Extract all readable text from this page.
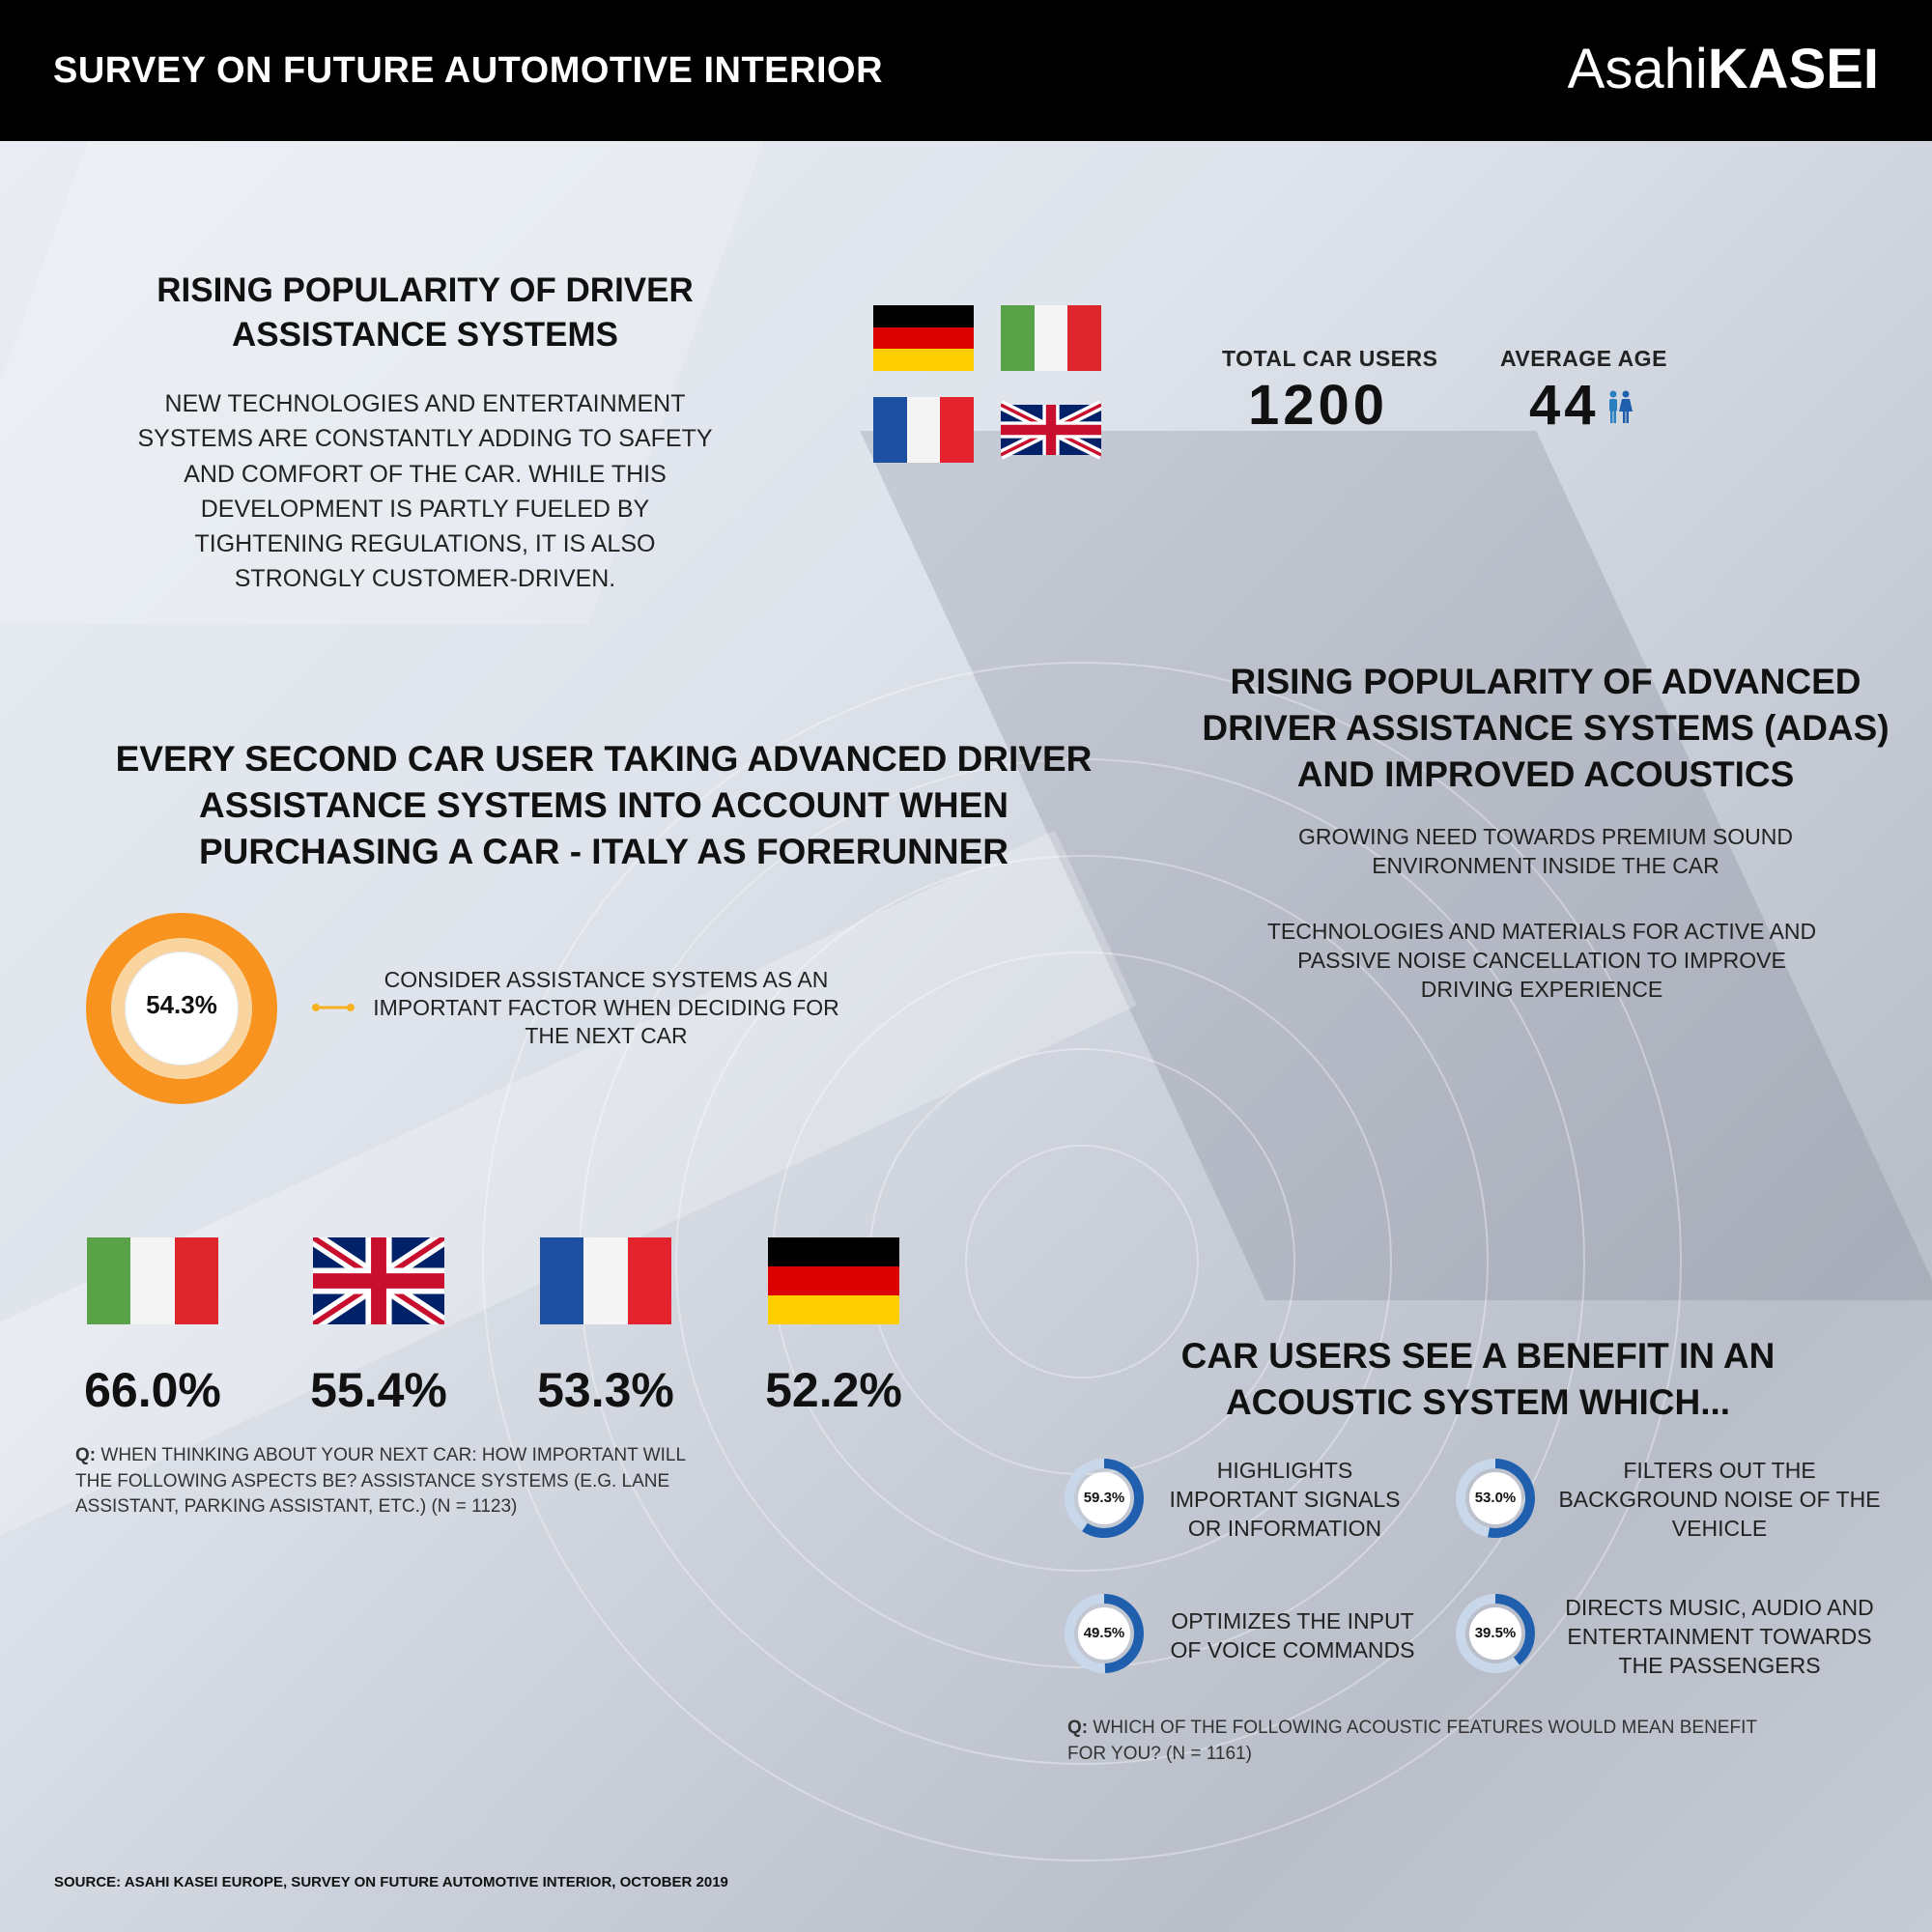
SURVEY ON FUTURE AUTOMOTIVE INTERIOR	AsahiKASEI
RISING POPULARITY OF DRIVER ASSISTANCE SYSTEMS
NEW TECHNOLOGIES AND ENTERTAINMENT SYSTEMS ARE CONSTANTLY ADDING TO SAFETY AND COMFORT OF THE CAR. WHILE THIS DEVELOPMENT IS PARTLY FUELED BY TIGHTENING REGULATIONS, IT IS ALSO STRONGLY CUSTOMER-DRIVEN.
TOTAL CAR USERS
1200
AVERAGE AGE
44
RISING POPULARITY OF ADVANCED DRIVER ASSISTANCE SYSTEMS (ADAS) AND IMPROVED ACOUSTICS
GROWING NEED TOWARDS PREMIUM SOUND ENVIRONMENT INSIDE THE CAR
TECHNOLOGIES AND MATERIALS FOR ACTIVE AND PASSIVE NOISE CANCELLATION TO IMPROVE DRIVING EXPERIENCE
EVERY SECOND CAR USER TAKING ADVANCED DRIVER ASSISTANCE SYSTEMS INTO ACCOUNT WHEN PURCHASING A CAR - ITALY AS FORERUNNER
54.3%
CONSIDER ASSISTANCE SYSTEMS AS AN IMPORTANT FACTOR WHEN DECIDING FOR THE NEXT CAR
66.0%	55.4%	53.3%	52.2%
Q: WHEN THINKING ABOUT YOUR NEXT CAR: HOW IMPORTANT WILL THE FOLLOWING ASPECTS BE? ASSISTANCE SYSTEMS (E.G. LANE ASSISTANT, PARKING ASSISTANT, ETC.) (N = 1123)
CAR USERS SEE A BENEFIT IN AN ACOUSTIC SYSTEM WHICH...
59.3%	53.0%
49.5%	39.5%
HIGHLIGHTS IMPORTANT SIGNALS OR INFORMATION
FILTERS OUT THE BACKGROUND NOISE OF THE VEHICLE
OPTIMIZES THE INPUT OF VOICE COMMANDS
DIRECTS MUSIC, AUDIO AND ENTERTAINMENT TOWARDS THE PASSENGERS
Q: WHICH OF THE FOLLOWING ACOUSTIC FEATURES WOULD MEAN BENEFIT FOR YOU? (N = 1161)
SOURCE: ASAHI KASEI EUROPE, SURVEY ON FUTURE AUTOMOTIVE INTERIOR, OCTOBER 2019
